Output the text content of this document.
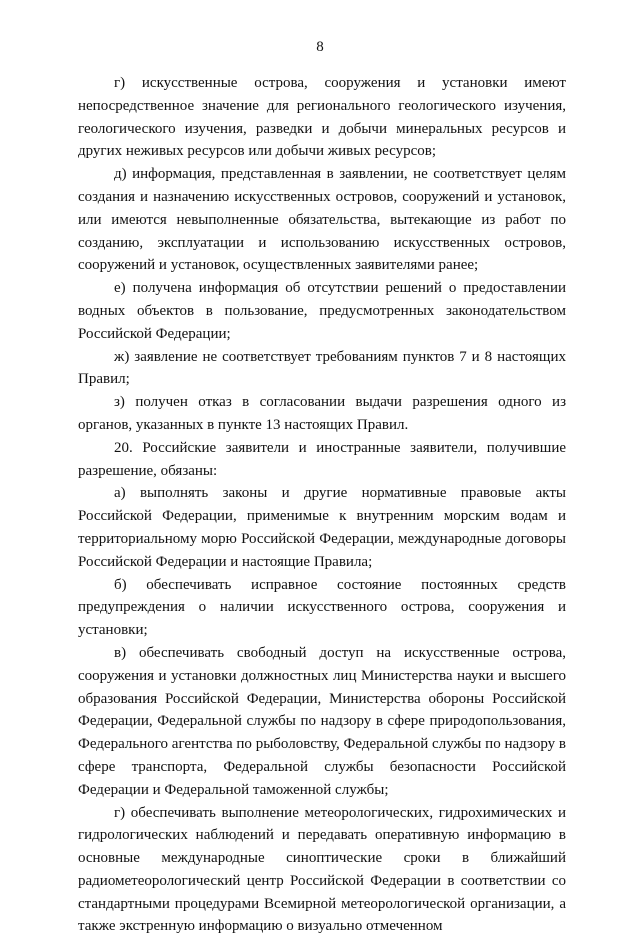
8

г) искусственные острова, сооружения и установки имеют непосредственное значение для регионального геологического изучения, геологического изучения, разведки и добычи минеральных ресурсов и других неживых ресурсов или добычи живых ресурсов;

д) информация, представленная в заявлении, не соответствует целям создания и назначению искусственных островов, сооружений и установок, или имеются невыполненные обязательства, вытекающие из работ по созданию, эксплуатации и использованию искусственных островов, сооружений и установок, осуществленных заявителями ранее;

е) получена информация об отсутствии решений о предоставлении водных объектов в пользование, предусмотренных законодательством Российской Федерации;

ж) заявление не соответствует требованиям пунктов 7 и 8 настоящих Правил;

з) получен отказ в согласовании выдачи разрешения одного из органов, указанных в пункте 13 настоящих Правил.

20. Российские заявители и иностранные заявители, получившие разрешение, обязаны:

а) выполнять законы и другие нормативные правовые акты Российской Федерации, применимые к внутренним морским водам и территориальному морю Российской Федерации, международные договоры Российской Федерации и настоящие Правила;

б) обеспечивать исправное состояние постоянных средств предупреждения о наличии искусственного острова, сооружения и установки;

в) обеспечивать свободный доступ на искусственные острова, сооружения и установки должностных лиц Министерства науки и высшего образования Российской Федерации, Министерства обороны Российской Федерации, Федеральной службы по надзору в сфере природопользования, Федерального агентства по рыболовству, Федеральной службы по надзору в сфере транспорта, Федеральной службы безопасности Российской Федерации и Федеральной таможенной службы;

г) обеспечивать выполнение метеорологических, гидрохимических и гидрологических наблюдений и передавать оперативную информацию в основные международные синоптические сроки в ближайший радиометеорологический центр Российской Федерации в соответствии со стандартными процедурами Всемирной метеорологической организации, а также экстренную информацию о визуально отмеченном
